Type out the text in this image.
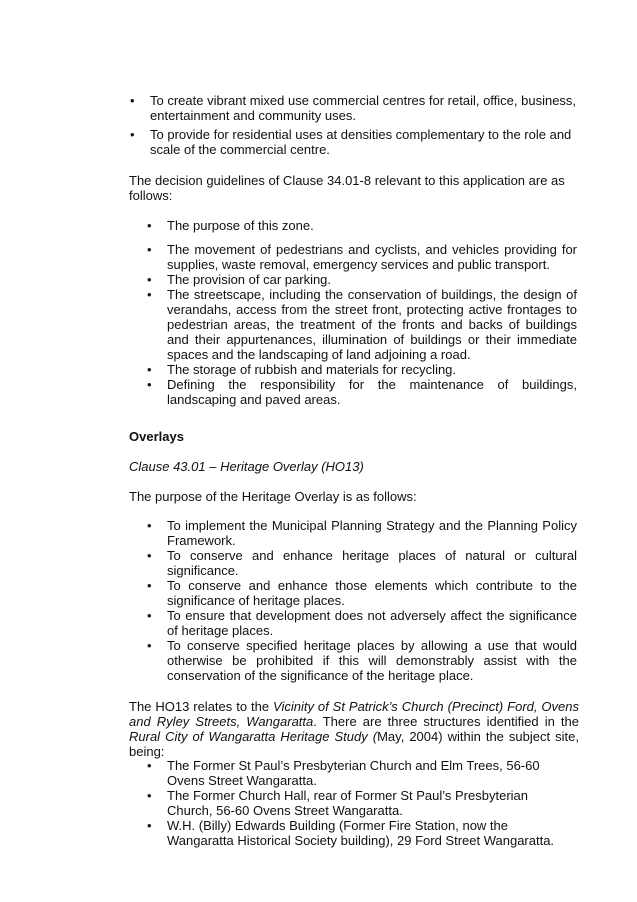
• To create vibrant mixed use commercial centres for retail, office, business, entertainment and community uses.
• To provide for residential uses at densities complementary to the role and scale of the commercial centre.

The decision guidelines of Clause 34.01-8 relevant to this application are as follows:

• The purpose of this zone.
• The movement of pedestrians and cyclists, and vehicles providing for supplies, waste removal, emergency services and public transport.
• The provision of car parking.
• The streetscape, including the conservation of buildings, the design of verandahs, access from the street front, protecting active frontages to pedestrian areas, the treatment of the fronts and backs of buildings and their appurtenances, illumination of buildings or their immediate spaces and the landscaping of land adjoining a road.
• The storage of rubbish and materials for recycling.
• Defining the responsibility for the maintenance of buildings, landscaping and paved areas.

Overlays

Clause 43.01 – Heritage Overlay (HO13)

The purpose of the Heritage Overlay is as follows:

• To implement the Municipal Planning Strategy and the Planning Policy Framework.
• To conserve and enhance heritage places of natural or cultural significance.
• To conserve and enhance those elements which contribute to the significance of heritage places.
• To ensure that development does not adversely affect the significance of heritage places.
• To conserve specified heritage places by allowing a use that would otherwise be prohibited if this will demonstrably assist with the conservation of the significance of the heritage place.

The HO13 relates to the Vicinity of St Patrick’s Church (Precinct) Ford, Ovens and Ryley Streets, Wangaratta. There are three structures identified in the Rural City of Wangaratta Heritage Study (May, 2004) within the subject site, being:

• The Former St Paul’s Presbyterian Church and Elm Trees, 56-60 Ovens Street Wangaratta.
• The Former Church Hall, rear of Former St Paul’s Presbyterian Church, 56-60 Ovens Street Wangaratta.
• W.H. (Billy) Edwards Building (Former Fire Station, now the Wangaratta Historical Society building), 29 Ford Street Wangaratta.
